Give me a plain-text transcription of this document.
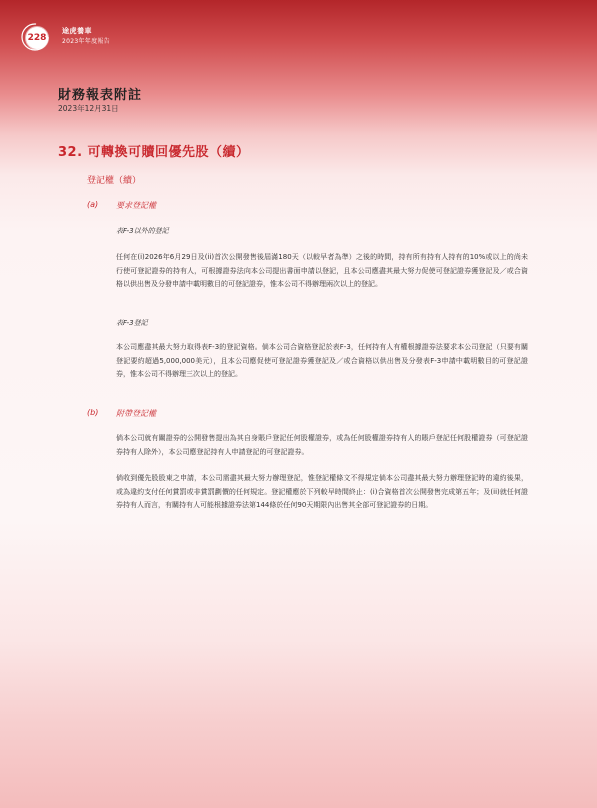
228
途虎養車
2023年年度報告
財務報表附註
2023年12月31日
32. 可轉換可贖回優先股（續）
登記權（續）
(a) 要求登記權
表F-3以外的登記

任何在(i)2026年6月29日及(ii)首次公開發售後屆滿180天（以較早者為準）之後的時間，持有所有持有人持有的10%或以上的尚未行使可登記證券的持有人，可根據證券法向本公司提出書面申請以登記，且本公司應盡其最大努力促使可登記證券獲登記及／或合資格以供出售及分發申請中載明數目的可登記證券，惟本公司不得辦理兩次以上的登記。

表F-3登記

本公司應盡其最大努力取得表F-3的登記資格。倘本公司合資格登記於表F-3，任何持有人有權根據證券法要求本公司登記（只要有關登記要約超過5,000,000美元），且本公司應促使可登記證券獲登記及／或合資格以供出售及分發表F-3申請中載明數目的可登記證券，惟本公司不得辦理三次以上的登記。

(b) 附帶登記權

倘本公司就有關證券的公開發售提出為其自身賬戶登記任何股權證券，或為任何股權證券持有人的賬戶登記任何股權證券（可登記證券持有人除外），本公司應登記持有人申請登記的可登記證券。

倘收到優先股股東之申請，本公司需盡其最大努力辦理登記，惟登記權條文不得規定倘本公司盡其最大努力辦理登記時的違約後果，或為違約支付任何賞罰或非賞罰劃價的任何規定。登記權應於下列較早時間終止：(i)合資格首次公開發售完成第五年；及(ii)就任何證券持有人而言，有關持有人可能根據證券法第144條於任何90天期限內出售其全部可登記證券的日期。
